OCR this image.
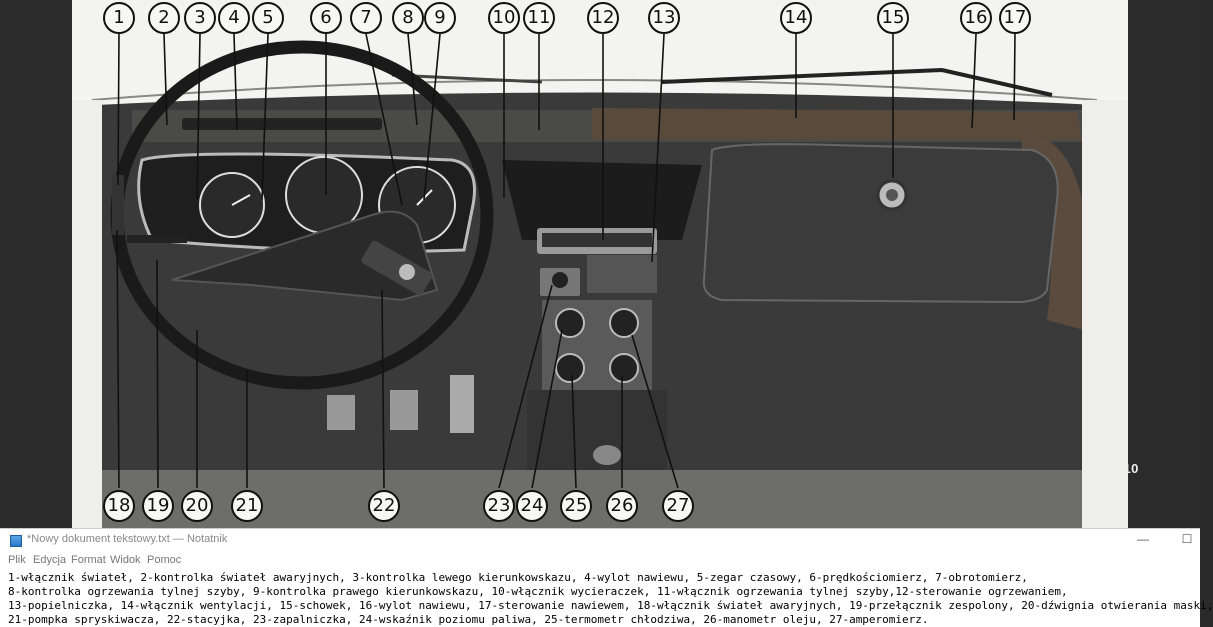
1	2	3	4	5	6	7	8	9	10 11 12 13	14	15	16 17
18 19 20 21	22	23 24 25 26 27
B/TC/10 N
*Nowy dokument tekstowy.txt — Notatnik	—	☐
Plik Edycja Format Widok Pomoc
1-włącznik świateł, 2-kontrolka świateł awaryjnych, 3-kontrolka lewego kierunkowskazu, 4-wylot nawiewu, 5-zegar czasowy, 6-prędkościomierz, 7-obrotomierz,
8-kontrolka ogrzewania tylnej szyby, 9-kontrolka prawego kierunkowskazu, 10-włącznik wycieraczek, 11-włącznik ogrzewania tylnej szyby,12-sterowanie ogrzewaniem,
13-popielniczka, 14-włącznik wentylacji, 15-schowek, 16-wylot nawiewu, 17-sterowanie nawiewem, 18-włącznik świateł awaryjnych, 19-przełącznik zespolony, 20-dźwignia otwierania maski,
21-pompka spryskiwacza, 22-stacyjka, 23-zapalniczka, 24-wskaźnik poziomu paliwa, 25-termometr chłodziwa, 26-manometr oleju, 27-amperomierz.
